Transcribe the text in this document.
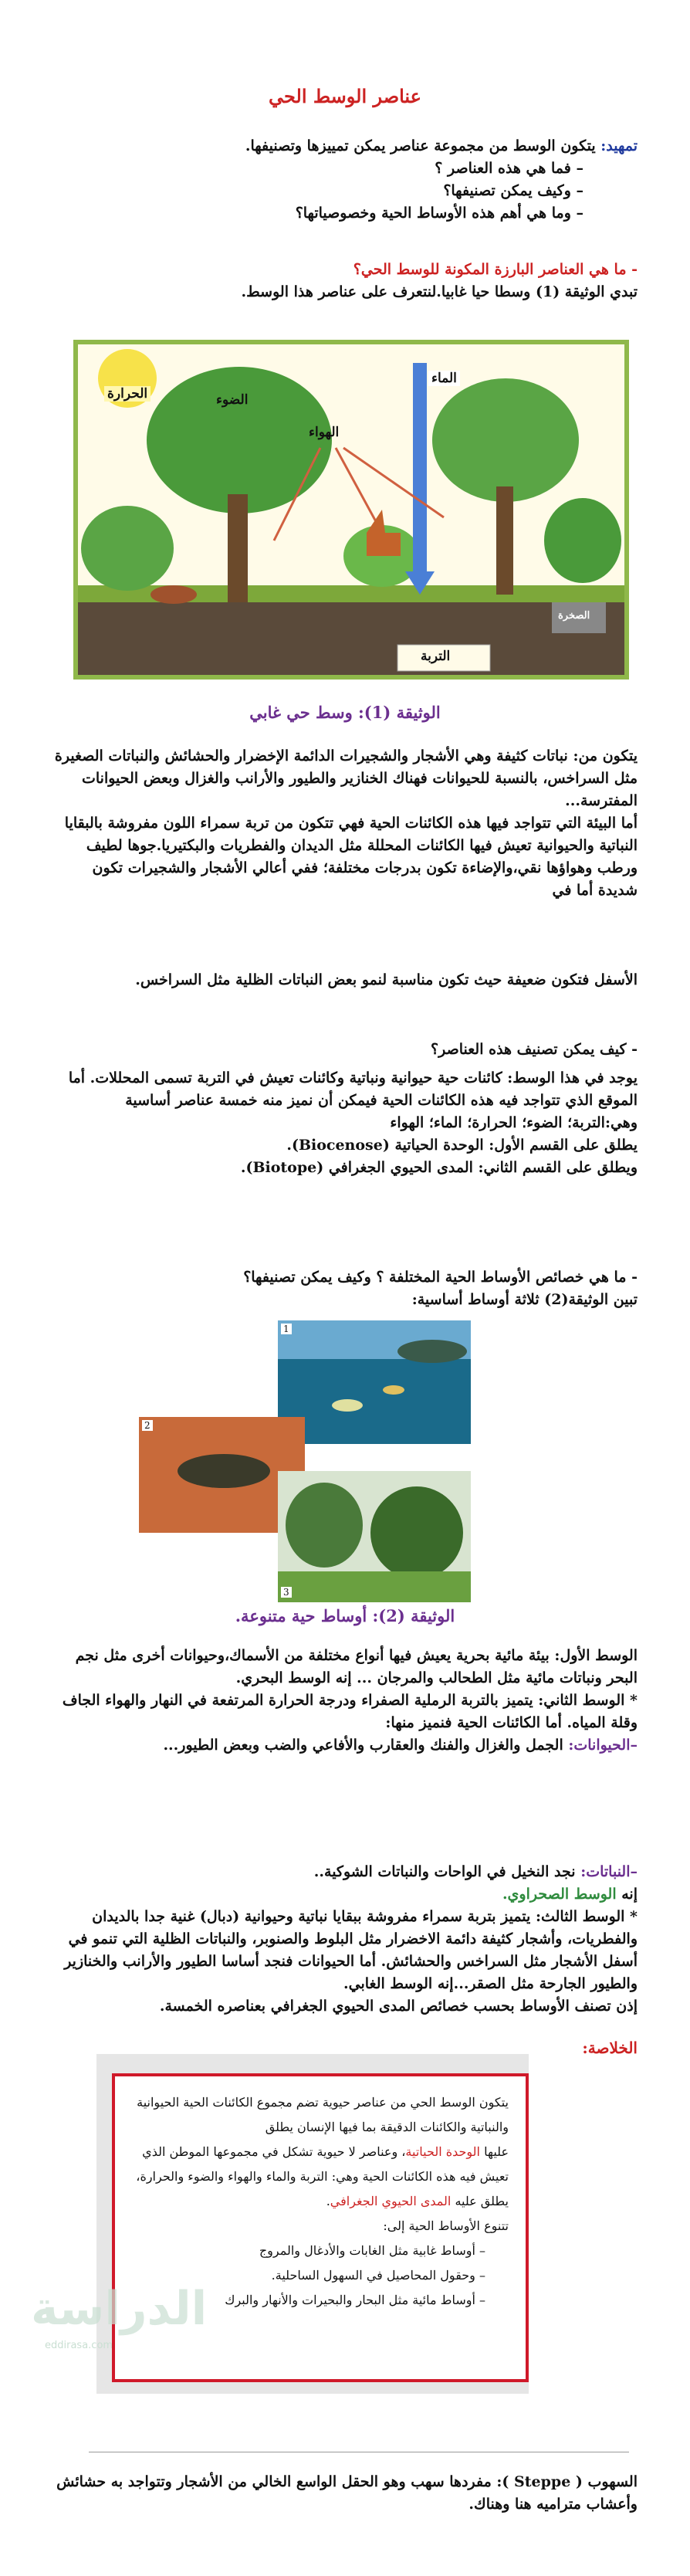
عناصر الوسط الحي

تمهيد: يتكون الوسط من مجموعة عناصر يمكن تمييزها وتصنيفها.

– فما هي هذه العناصر ؟
– وكيف يمكن تصنيفها؟
– وما هي أهم هذه الأوساط الحية وخصوصياتها؟

- ما هي العناصر البارزة المكونة للوسط الحي؟

تبدي الوثيقة (1) وسطا حيا غابيا.لنتعرف على عناصر هذا الوسط.

الحرارة	الضوء
الهواء
الماء
التربة
الصخرة
الوثيقة (1): وسط حي غابي

يتكون من: نباتات كثيفة وهي الأشجار والشجيرات الدائمة الإخضرار والحشائش والنباتات الصغيرة مثل السراخس، بالنسبة للحيوانات فهناك الخنازير والطيور والأرانب والغزال وبعض الحيوانات المفترسة...

أما البيئة التي تتواجد فيها هذه الكائنات الحية فهي تتكون من تربة سمراء اللون مفروشة بالبقايا النباتية والحيوانية تعيش فيها الكائنات المحللة مثل الديدان والفطريات والبكتيريا.جوها لطيف ورطب وهواؤها نقي،والإضاءة تكون بدرجات مختلفة؛ ففي أعالي الأشجار والشجيرات تكون شديدة أما في

الأسفل فتكون ضعيفة حيث تكون مناسبة لنمو بعض النباتات الظلية مثل السراخس.

- كيف يمكن تصنيف هذه العناصر؟

يوجد في هذا الوسط: كائنات حية حيوانية ونباتية وكائنات تعيش في التربة تسمى المحللات. أما الموقع الذي تتواجد فيه هذه الكائنات الحية فيمكن أن نميز منه خمسة عناصر أساسية وهي:التربة؛ الضوء؛ الحرارة؛ الماء؛ الهواء

يطلق على القسم الأول: الوحدة الحياتية (Biocenose).

ويطلق على القسم الثاني: المدى الحيوي الجغرافي (Biotope).

- ما هي خصائص الأوساط الحية المختلفة ؟ وكيف يمكن تصنيفها؟

تبين الوثيقة(2) ثلاثة أوساط أساسية:

1
2
3
الوثيقة (2): أوساط حية متنوعة.

الوسط الأول: بيئة مائية بحرية يعيش فيها أنواع مختلفة من الأسماك،وحيوانات أخرى مثل نجم البحر ونباتات مائية مثل الطحالب والمرجان ... إنه الوسط البحري.

* الوسط الثاني: يتميز بالتربة الرملية الصفراء ودرجة الحرارة المرتفعة في النهار والهواء الجاف وقلة المياه. أما الكائنات الحية فنميز منها:

–الحيوانات: الجمل والغزال والفنك والعقارب والأفاعي والضب وبعض الطيور...

–النباتات: نجد النخيل في الواحات والنباتات الشوكية..

إنه الوسط الصحراوي.

* الوسط الثالث: يتميز بتربة سمراء مفروشة ببقايا نباتية وحيوانية (دبال) غنية جدا بالديدان والفطريات، وأشجار كثيفة دائمة الاخضرار مثل البلوط والصنوبر، والنباتات الظلية التي تنمو في أسفل الأشجار مثل السراخس والحشائش. أما الحيوانات فنجد أساسا الطيور والأرانب والخنازير والطيور الجارحة مثل الصقر...إنه الوسط الغابي.

إذن تصنف الأوساط بحسب خصائص المدى الحيوي الجغرافي بعناصره الخمسة.

الخلاصة:

يتكون الوسط الحي من عناصر حيوية تضم مجموع الكائنات الحية الحيوانية والنباتية والكائنات الدقيقة بما فيها الإنسان يطلق

عليها الوحدة الحياتية، وعناصر لا حيوية تشكل في مجموعها الموطن الذي تعيش فيه هذه الكائنات الحية وهي: التربة والماء والهواء والضوء والحرارة، يطلق عليه المدى الحيوي الجغرافي.

تتنوع الأوساط الحية إلى:

– أوساط غابية مثل الغابات والأدغال والمروج
– وحقول المحاصيل في السهول الساحلية.
– أوساط مائية مثل البحار والبحيرات والأنهار والبرك
الدراسة
eddirasa.com

السهوب ( Steppe ): مفردها سهب وهو الحقل الواسع الخالي من الأشجار وتتواجد به حشائش وأعشاب متراميه هنا وهناك.
